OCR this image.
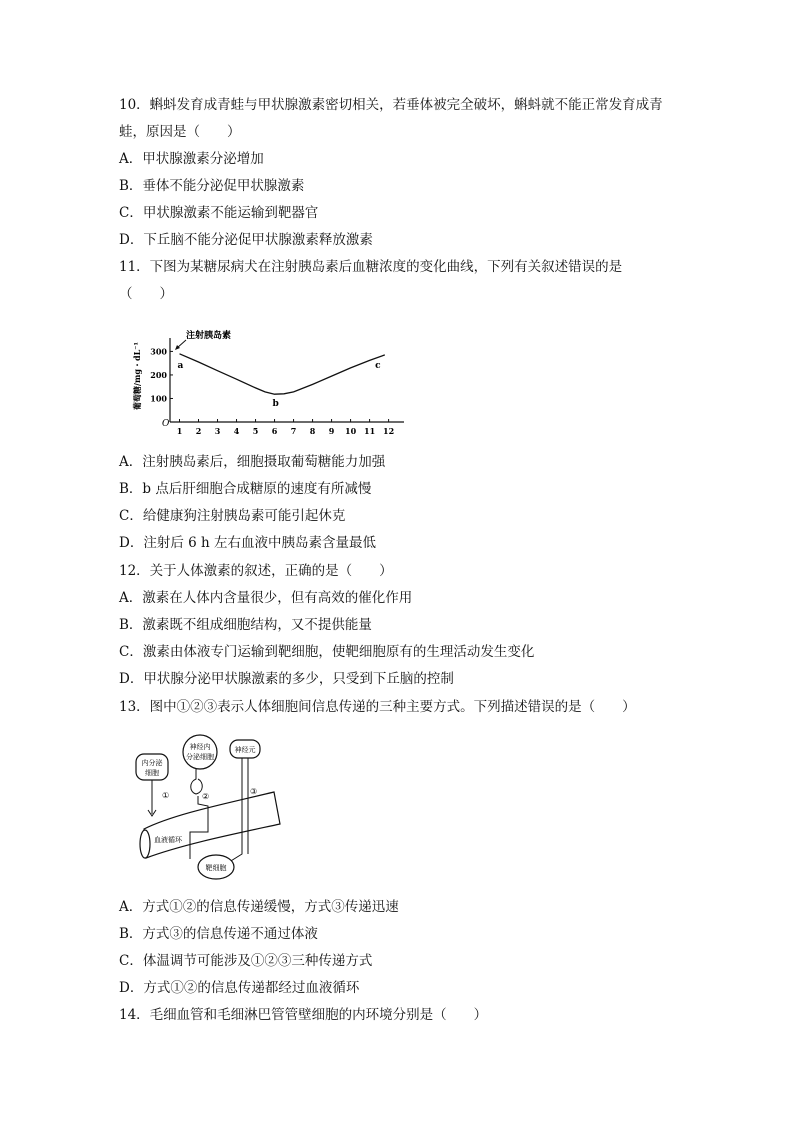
10．蝌蚪发育成青蛙与甲状腺激素密切相关，若垂体被完全破坏，蝌蚪就不能正常发育成青
蛙，原因是（　　）
A．甲状腺激素分泌增加
B．垂体不能分泌促甲状腺激素
C．甲状腺激素不能运输到靶器官
D．下丘脑不能分泌促甲状腺激素释放激素
11．下图为某糖尿病犬在注射胰岛素后血糖浓度的变化曲线，下列有关叙述错误的是
（　　）
葡萄糖/mg・dL⁻¹
O
1 2 3 4 5 6 7 8 9 10 11 12
100
200
300
a
b
c
注射胰岛素
A．注射胰岛素后，细胞摄取葡萄糖能力加强
B．b 点后肝细胞合成糖原的速度有所减慢
C．给健康狗注射胰岛素可能引起休克
D．注射后 6 h 左右血液中胰岛素含量最低
12．关于人体激素的叙述，正确的是（　　）
A．激素在人体内含量很少，但有高效的催化作用
B．激素既不组成细胞结构，又不提供能量
C．激素由体液专门运输到靶细胞，使靶细胞原有的生理活动发生变化
D．甲状腺分泌甲状腺激素的多少，只受到下丘脑的控制
13．图中①②③表示人体细胞间信息传递的三种主要方式。下列描述错误的是（　　）
血液循环
内分泌
细胞
①
神经内
分泌细胞
②
神经元
③
靶细胞
A．方式①②的信息传递缓慢，方式③传递迅速
B．方式③的信息传递不通过体液
C．体温调节可能涉及①②③三种传递方式
D．方式①②的信息传递都经过血液循环
14．毛细血管和毛细淋巴管管壁细胞的内环境分别是（　　）
